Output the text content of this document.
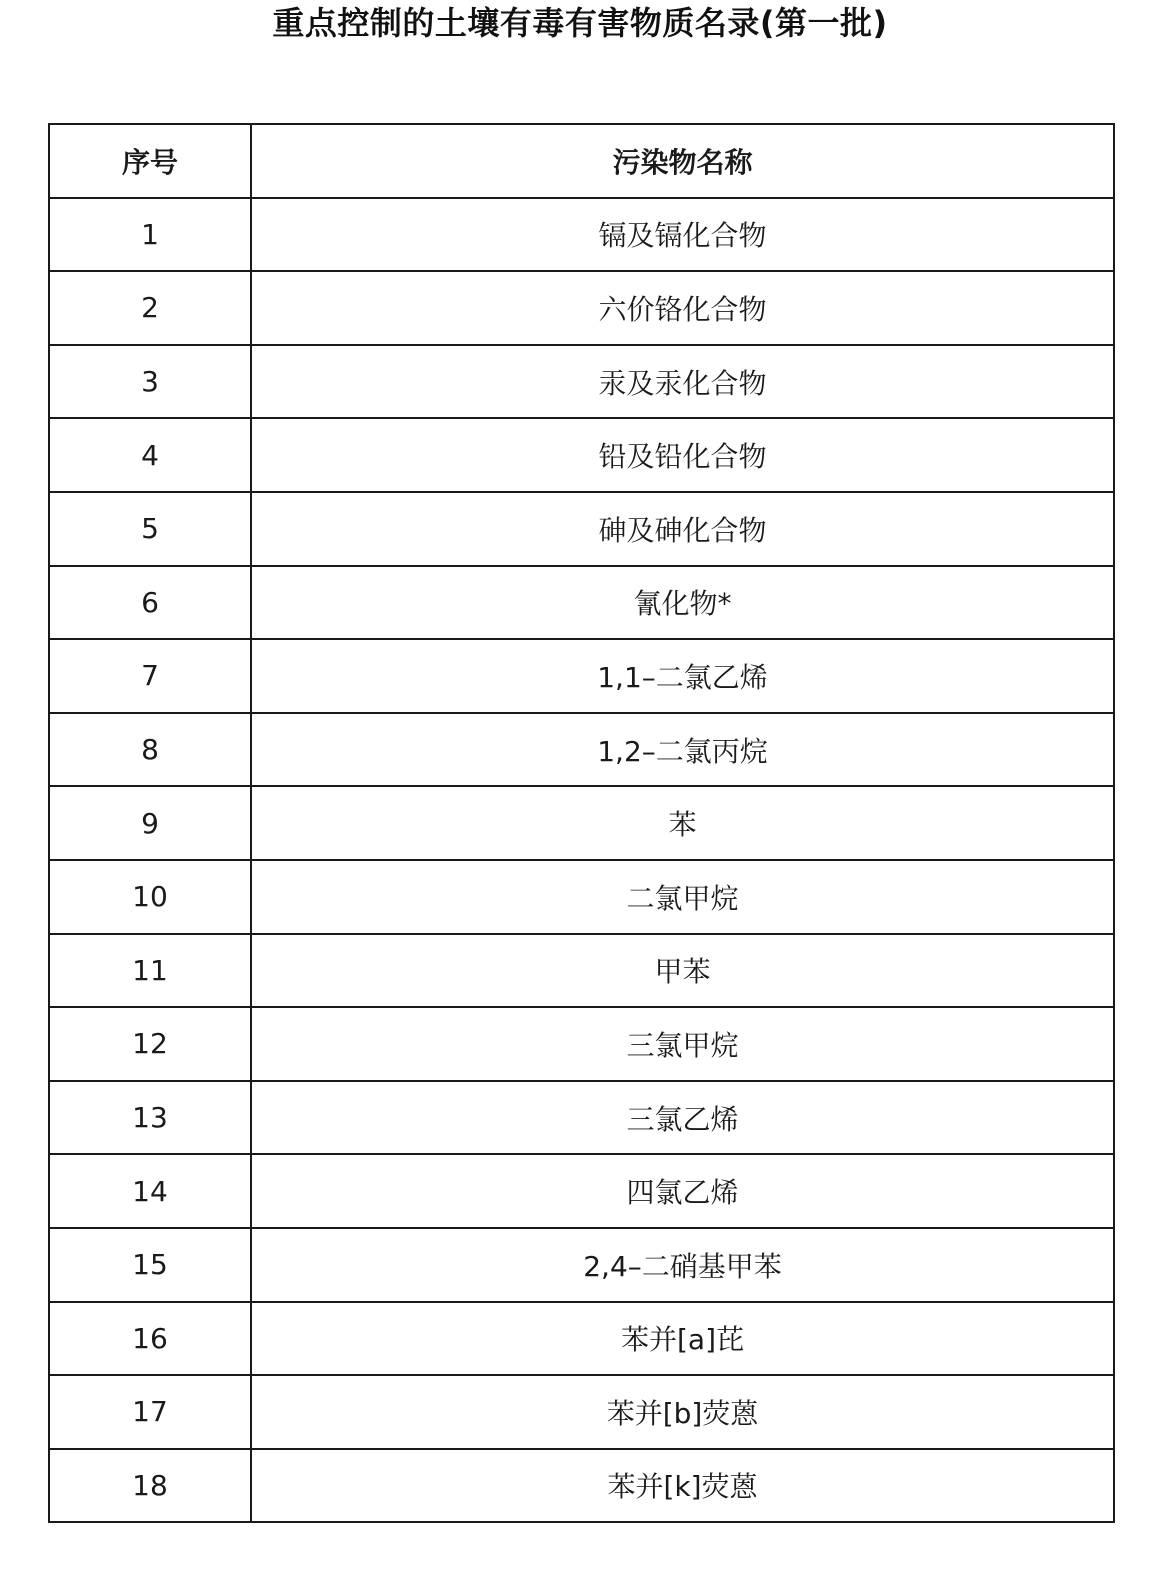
重点控制的土壤有毒有害物质名录(第一批)
序号	污染物名称
1	镉及镉化合物
2	六价铬化合物
3	汞及汞化合物
4	铅及铅化合物
5	砷及砷化合物
6	氰化物*
7	1,1–二氯乙烯
8	1,2–二氯丙烷
9	苯
10	二氯甲烷
11	甲苯
12	三氯甲烷
13	三氯乙烯
14	四氯乙烯
15	2,4–二硝基甲苯
16	苯并[a]芘
17	苯并[b]荧蒽
18	苯并[k]荧蒽
